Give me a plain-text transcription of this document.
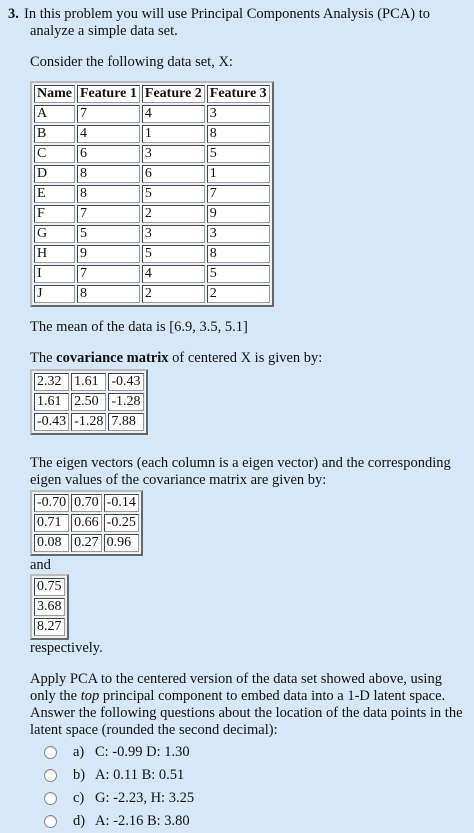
3. In this problem you will use Principal Components Analysis (PCA) to
analyze a simple data set.

Consider the following data set, X:

Name	Feature 1	Feature 2	Feature 3
A	7	4	3
B	4	1	8
C	6	3	5
D	8	6	1
E	8	5	7
F	7	2	9
G	5	3	3
H	9	5	8
I	7	4	5
J	8	2	2

The mean of the data is [6.9, 3.5, 5.1]

The covariance matrix of centered X is given by:

2.32	1.61	-0.43
1.61	2.50	-1.28
-0.43	-1.28	7.88

The eigen vectors (each column is a eigen vector) and the corresponding

eigen values of the covariance matrix are given by:

-0.70	0.70	-0.14
0.71	0.66	-0.25
0.08	0.27	0.96

and

0.75
3.68
8.27

respectively.

Apply PCA to the centered version of the data set showed above, using

only the top principal component to embed data into a 1-D latent space.

Answer the following questions about the location of the data points in the

latent space (rounded the second decimal):

a) C: -0.99 D: 1.30
b) A: 0.11 B: 0.51
c) G: -2.23, H: 3.25
d) A: -2.16 B: 3.80
